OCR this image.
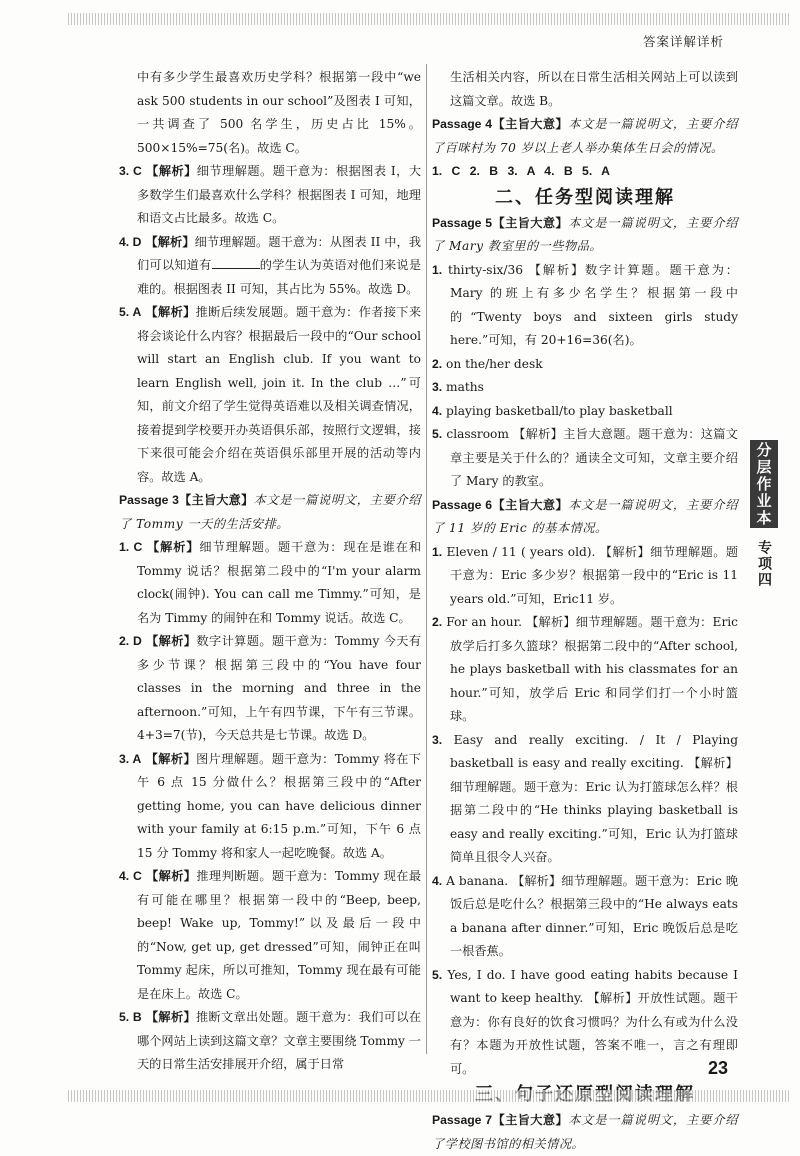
答案详解详析

中有多少学生最喜欢历史学科？根据第一段中“we ask 500 students in our school”及图表 I 可知，一共调查了 500 名学生，历史占比 15%。500×15%=75(名)。故选 C。

3. C 【解析】细节理解题。题干意为：根据图表 I，大多数学生们最喜欢什么学科？根据图表 I 可知，地理和语文占比最多。故选 C。

4. D 【解析】细节理解题。题干意为：从图表 II 中，我们可以知道有	的学生认为英语对他们来说是难的。根据图表 II 可知，其占比为 55%。故选 D。

5. A 【解析】推断后续发展题。题干意为：作者接下来将会谈论什么内容？根据最后一段中的“Our school will start an English club. If you want to learn English well, join it. In the club …”可知，前文介绍了学生觉得英语难以及相关调查情况，接着提到学校要开办英语俱乐部，按照行文逻辑，接下来很可能会介绍在英语俱乐部里开展的活动等内容。故选 A。

Passage 3【主旨大意】本文是一篇说明文，主要介绍了 Tommy 一天的生活安排。

1. C 【解析】细节理解题。题干意为：现在是谁在和 Tommy 说话？根据第二段中的“I'm your alarm clock(闹钟). You can call me Timmy.”可知，是名为 Timmy 的闹钟在和 Tommy 说话。故选 C。

2. D 【解析】数字计算题。题干意为：Tommy 今天有多少节课？根据第三段中的“You have four classes in the morning and three in the afternoon.”可知，上午有四节课，下午有三节课。4+3=7(节)，今天总共是七节课。故选 D。

3. A 【解析】图片理解题。题干意为：Tommy 将在下午 6 点 15 分做什么？根据第三段中的“After getting home, you can have delicious dinner with your family at 6:15 p.m.”可知，下午 6 点 15 分 Tommy 将和家人一起吃晚餐。故选 A。

4. C 【解析】推理判断题。题干意为：Tommy 现在最有可能在哪里？根据第一段中的“Beep, beep, beep! Wake up, Tommy!”以及最后一段中的“Now, get up, get dressed”可知，闹钟正在叫 Tommy 起床，所以可推知，Tommy 现在最有可能是在床上。故选 C。

5. B 【解析】推断文章出处题。题干意为：我们可以在哪个网站上读到这篇文章？文章主要围绕 Tommy 一天的日常生活安排展开介绍，属于日常

生活相关内容，所以在日常生活相关网站上可以读到这篇文章。故选 B。

Passage 4【主旨大意】本文是一篇说明文，主要介绍了百咪村为 70 岁以上老人举办集体生日会的情况。

1. C 2. B 3. A 4. B 5. A

二、任务型阅读理解

Passage 5【主旨大意】本文是一篇说明文，主要介绍了 Mary 教室里的一些物品。

1. thirty-six/36 【解析】数字计算题。题干意为：Mary 的班上有多少名学生？根据第一段中的“Twenty boys and sixteen girls study here.”可知，有 20+16=36(名)。

2. on the/her desk

3. maths

4. playing basketball/to play basketball

5. classroom 【解析】主旨大意题。题干意为：这篇文章主要是关于什么的？通读全文可知，文章主要介绍了 Mary 的教室。

Passage 6【主旨大意】本文是一篇说明文，主要介绍了 11 岁的 Eric 的基本情况。

1. Eleven / 11 ( years old). 【解析】细节理解题。题干意为：Eric 多少岁？根据第一段中的“Eric is 11 years old.”可知，Eric11 岁。

2. For an hour. 【解析】细节理解题。题干意为：Eric 放学后打多久篮球？根据第二段中的“After school, he plays basketball with his classmates for an hour.”可知，放学后 Eric 和同学们打一个小时篮球。

3. Easy and really exciting. / It / Playing basketball is easy and really exciting. 【解析】细节理解题。题干意为：Eric 认为打篮球怎么样？根据第二段中的“He thinks playing basketball is easy and really exciting.”可知，Eric 认为打篮球简单且很令人兴奋。

4. A banana. 【解析】细节理解题。题干意为：Eric 晚饭后总是吃什么？根据第三段中的“He always eats a banana after dinner.”可知，Eric 晚饭后总是吃一根香蕉。

5. Yes, I do. I have good eating habits because I want to keep healthy. 【解析】开放性试题。题干意为：你有良好的饮食习惯吗？为什么有或为什么没有？本题为开放性试题，答案不唯一，言之有理即可。

Passage 7【主旨大意】本文是一篇说明文，主要介绍了学校图书馆的相关情况。

分层作业本
专项四
23
